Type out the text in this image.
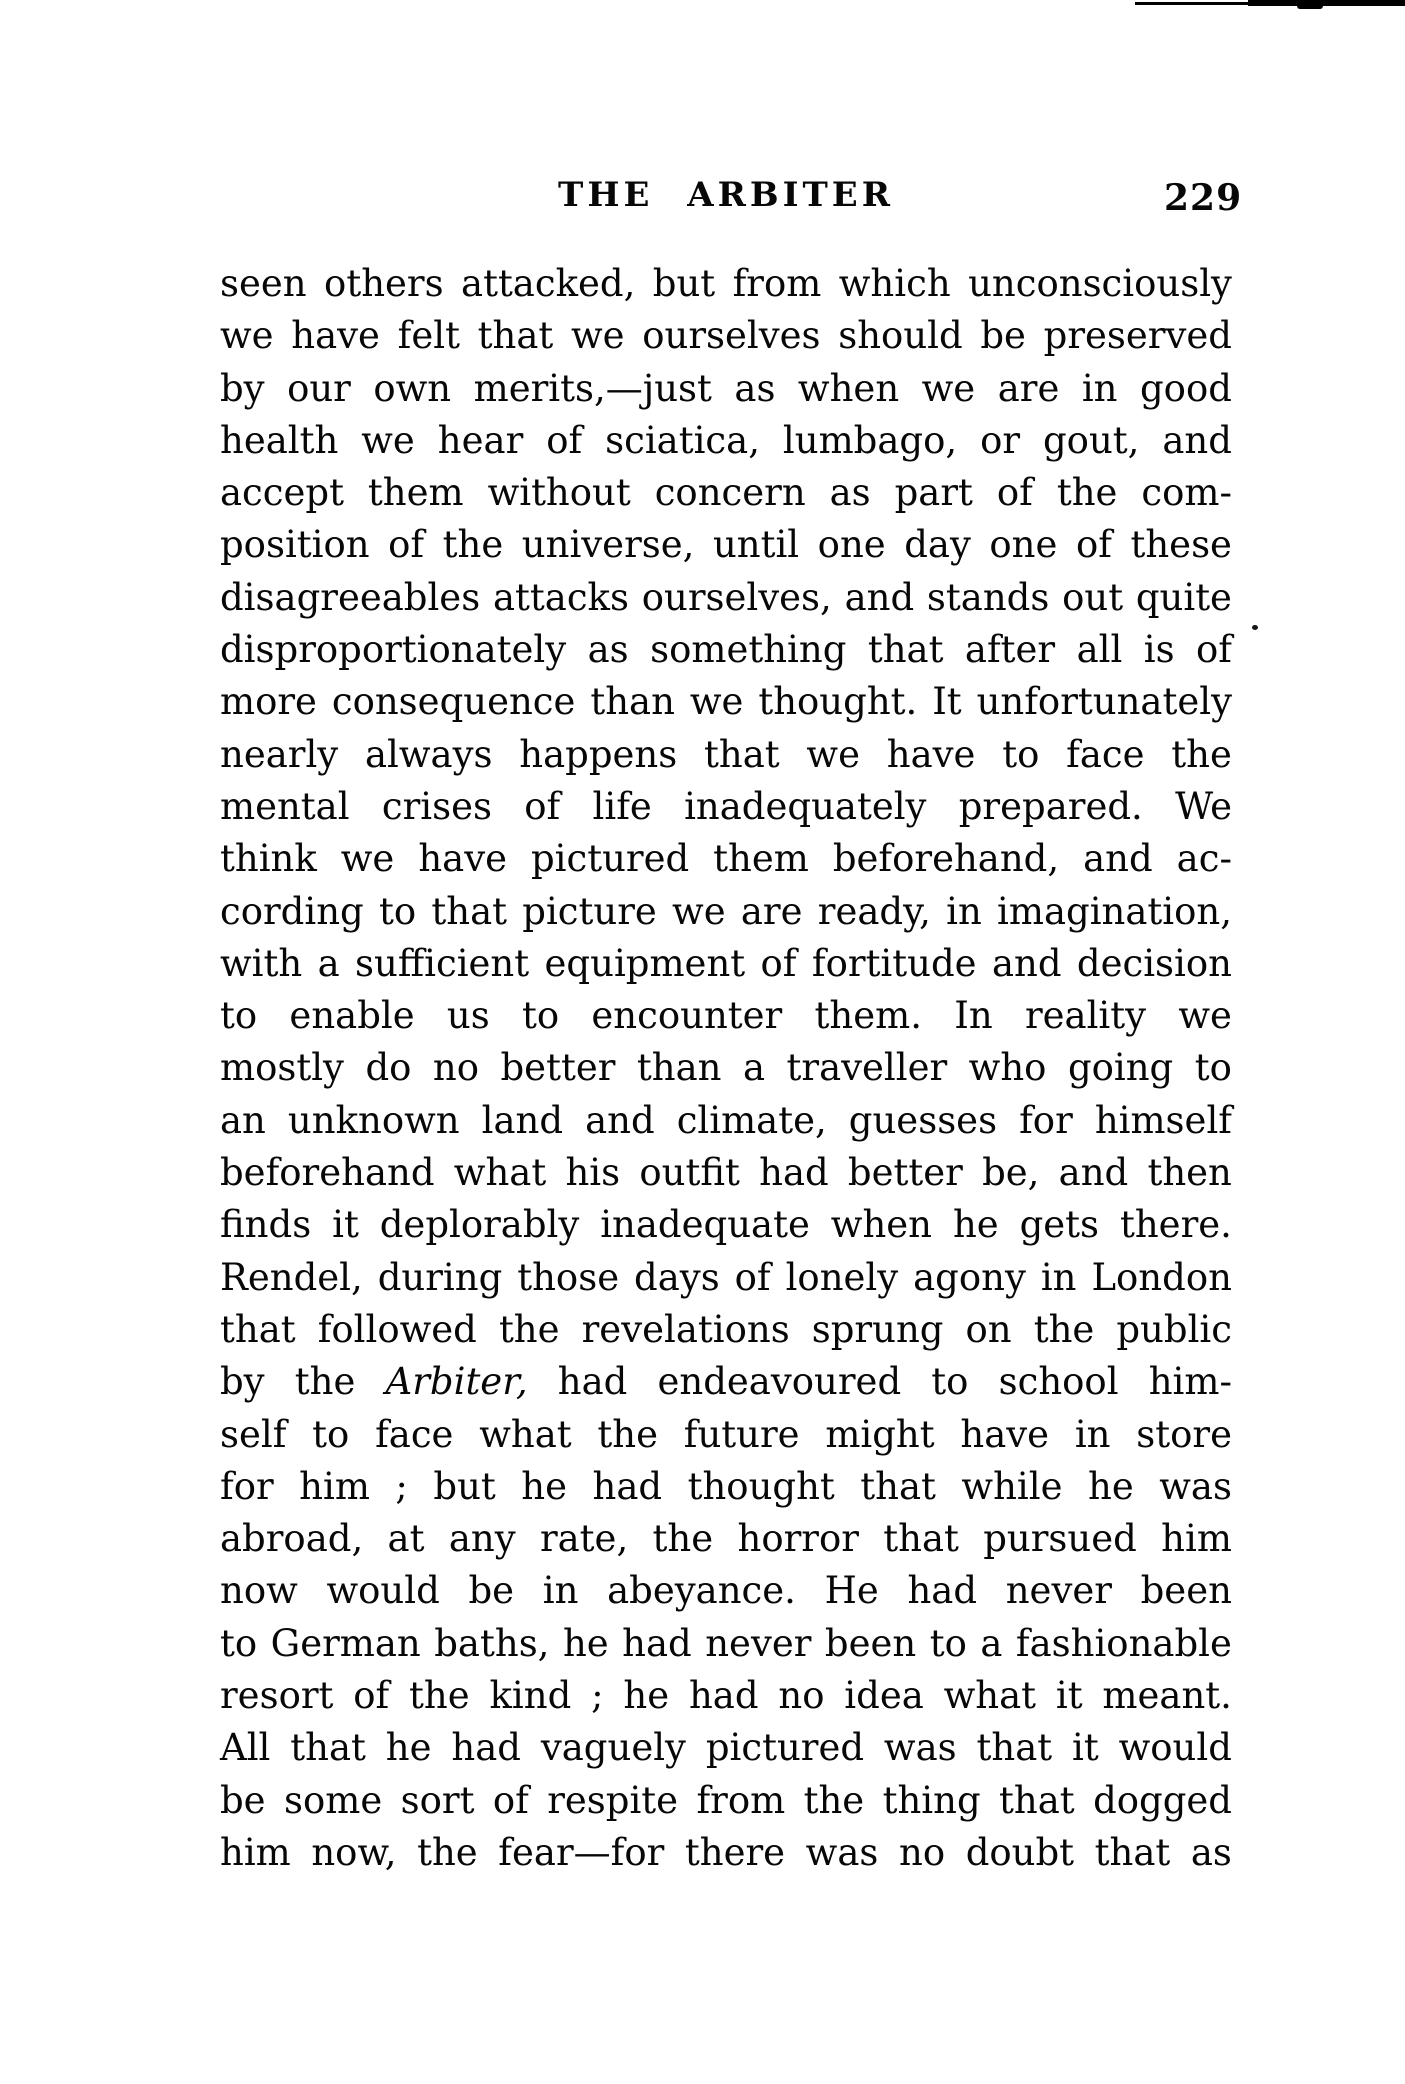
THE ARBITER	229
seen others attacked, but from which unconsciously
we have felt that we ourselves should be preserved
by our own merits,—just as when we are in good
health we hear of sciatica, lumbago, or gout, and
accept them without concern as part of the com-
position of the universe, until one day one of these
disagreeables attacks ourselves, and stands out quite
disproportionately as something that after all is of
more consequence than we thought. It unfortunately
nearly always happens that we have to face the
mental crises of life inadequately prepared. We
think we have pictured them beforehand, and ac-
cording to that picture we are ready, in imagination,
with a sufficient equipment of fortitude and decision
to enable us to encounter them. In reality we
mostly do no better than a traveller who going to
an unknown land and climate, guesses for himself
beforehand what his outfit had better be, and then
finds it deplorably inadequate when he gets there.
Rendel, during those days of lonely agony in London
that followed the revelations sprung on the public
by the Arbiter, had endeavoured to school him-
self to face what the future might have in store
for him ; but he had thought that while he was
abroad, at any rate, the horror that pursued him
now would be in abeyance. He had never been
to German baths, he had never been to a fashionable
resort of the kind ; he had no idea what it meant.
All that he had vaguely pictured was that it would
be some sort of respite from the thing that dogged
him now, the fear—for there was no doubt that as
